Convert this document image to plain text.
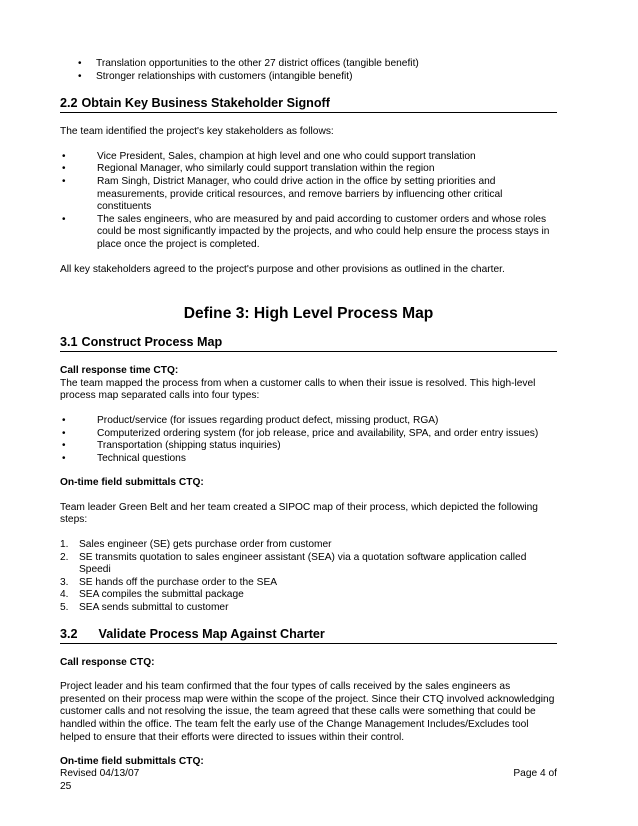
• Translation opportunities to the other 27 district offices (tangible benefit)
• Stronger relationships with customers (intangible benefit)
2.2 Obtain Key Business Stakeholder Signoff

The team identified the project's key stakeholders as follows:

• Vice President, Sales, champion at high level and one who could support translation
• Regional Manager, who similarly could support translation within the region
• Ram Singh, District Manager, who could drive action in the office by setting priorities and measurements, provide critical resources, and remove barriers by influencing other critical constituents
• The sales engineers, who are measured by and paid according to customer orders and whose roles could be most significantly impacted by the projects, and who could help ensure the process stays in place once the project is completed.

All key stakeholders agreed to the project's purpose and other provisions as outlined in the charter.

Define 3: High Level Process Map
3.1 Construct Process Map

Call response time CTQ:

The team mapped the process from when a customer calls to when their issue is resolved. This high-level process map separated calls into four types:

• Product/service (for issues regarding product defect, missing product, RGA)
• Computerized ordering system (for job release, price and availability, SPA, and order entry issues)
• Transportation (shipping status inquiries)
• Technical questions

On-time field submittals CTQ:

Team leader Green Belt and her team created a SIPOC map of their process, which depicted the following steps:

1. Sales engineer (SE) gets purchase order from customer
2. SE transmits quotation to sales engineer assistant (SEA) via a quotation software application called Speedi
3. SE hands off the purchase order to the SEA
4. SEA compiles the submittal package
5. SEA sends submittal to customer
3.2 Validate Process Map Against Charter

Call response CTQ:

Project leader and his team confirmed that the four types of calls received by the sales engineers as presented on their process map were within the scope of the project. Since their CTQ involved acknowledging customer calls and not resolving the issue, the team agreed that these calls were something that could be handled within the office. The team felt the early use of the Change Management Includes/Excludes tool helped to ensure that their efforts were directed to issues within their control.

On-time field submittals CTQ:

Revised 04/13/07
25
Page 4 of
